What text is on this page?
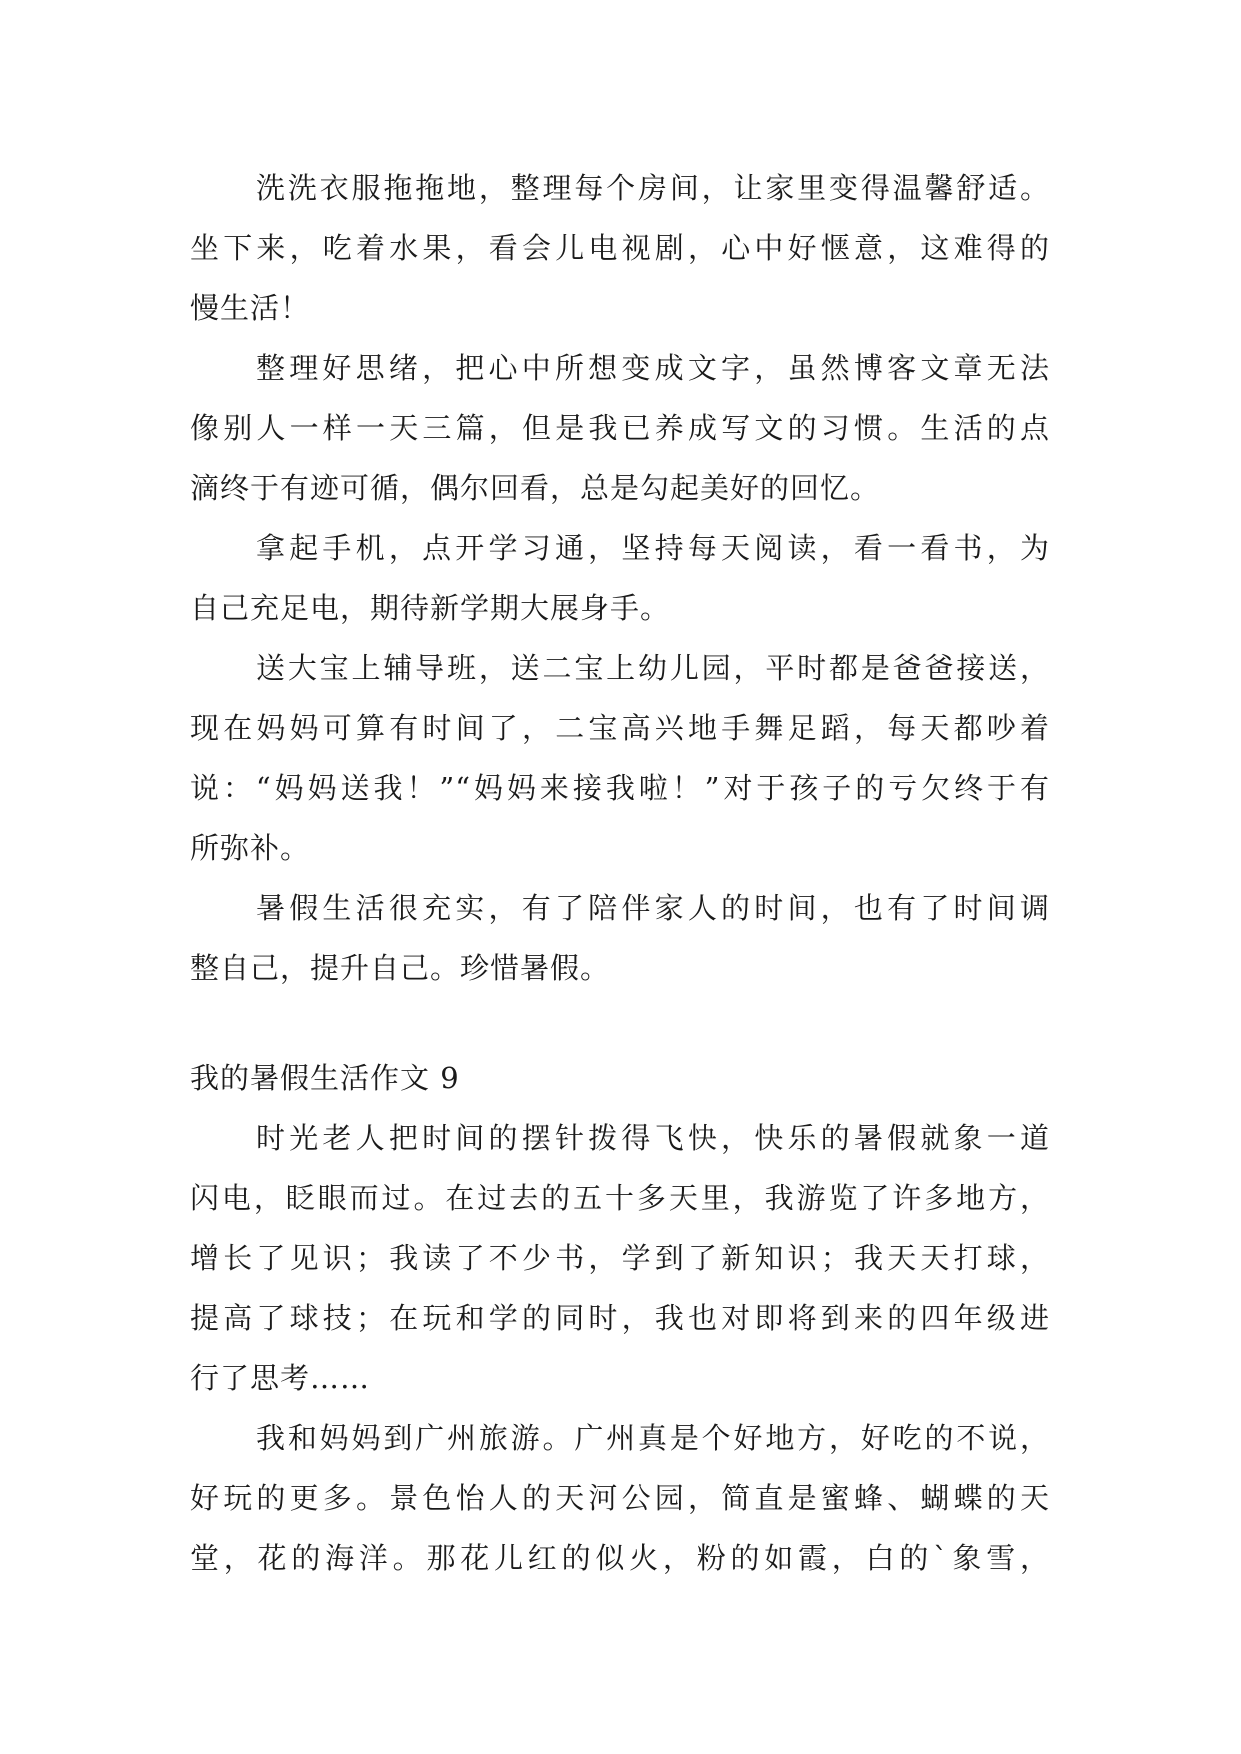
洗洗衣服拖拖地，整理每个房间，让家里变得温馨舒适。
坐下来，吃着水果，看会儿电视剧，心中好惬意，这难得的
慢生活！
整理好思绪，把心中所想变成文字，虽然博客文章无法
像别人一样一天三篇，但是我已养成写文的习惯。生活的点
滴终于有迹可循，偶尔回看，总是勾起美好的回忆。
拿起手机，点开学习通，坚持每天阅读，看一看书，为
自己充足电，期待新学期大展身手。
送大宝上辅导班，送二宝上幼儿园，平时都是爸爸接送，
现在妈妈可算有时间了，二宝高兴地手舞足蹈，每天都吵着
说：“妈妈送我！”“妈妈来接我啦！”对于孩子的亏欠终于有
所弥补。
暑假生活很充实，有了陪伴家人的时间，也有了时间调
整自己，提升自己。珍惜暑假。
我的暑假生活作文 9
时光老人把时间的摆针拨得飞快，快乐的暑假就象一道
闪电，眨眼而过。在过去的五十多天里，我游览了许多地方，
增长了见识；我读了不少书，学到了新知识；我天天打球，
提高了球技；在玩和学的同时，我也对即将到来的四年级进
行了思考……
我和妈妈到广州旅游。广州真是个好地方，好吃的不说，
好玩的更多。景色怡人的天河公园，简直是蜜蜂、蝴蝶的天
堂，花的海洋。那花儿红的似火，粉的如霞，白的`象雪，
